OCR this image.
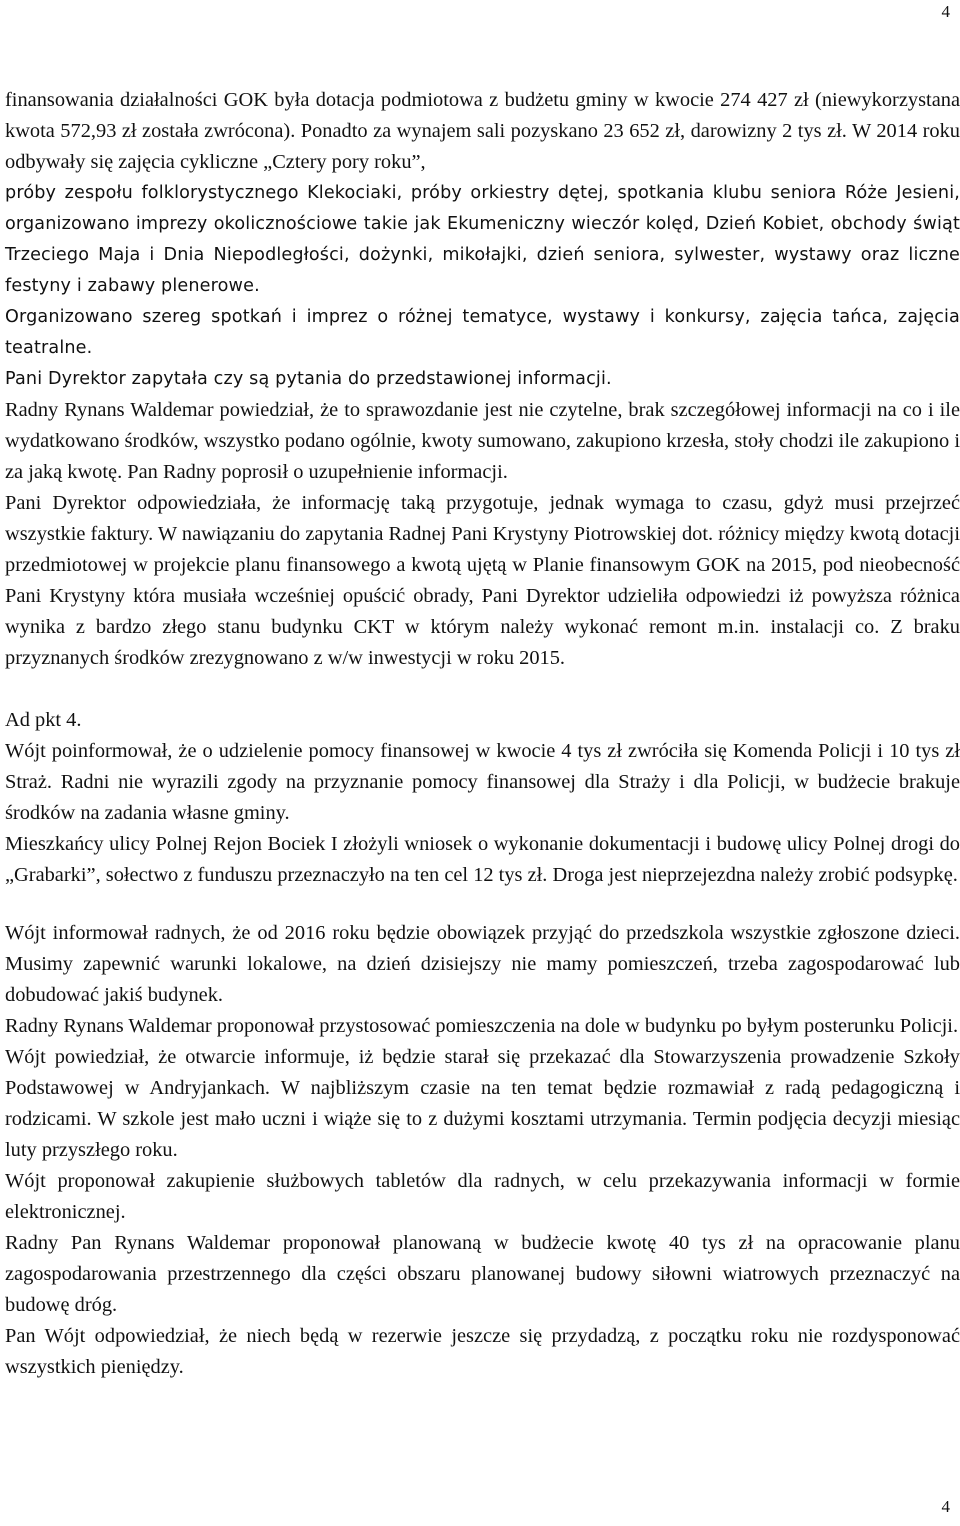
4

finansowania działalności GOK była dotacja podmiotowa z budżetu gminy w kwocie 274 427 zł (niewykorzystana kwota 572,93 zł została zwrócona). Ponadto za wynajem sali pozyskano 23 652 zł, darowizny 2 tys zł. W 2014 roku odbywały się zajęcia cykliczne „Cztery pory roku”,

próby zespołu folklorystycznego Klekociaki, próby orkiestry dętej, spotkania klubu seniora Róże Jesieni, organizowano imprezy okolicznościowe takie jak Ekumeniczny wieczór kolęd, Dzień Kobiet, obchody świąt Trzeciego Maja i Dnia Niepodległości, dożynki, mikołajki, dzień seniora, sylwester, wystawy oraz liczne festyny i zabawy plenerowe.

Organizowano szereg spotkań i imprez o różnej tematyce, wystawy i konkursy, zajęcia tańca, zajęcia teatralne.

Pani Dyrektor zapytała czy są pytania do przedstawionej informacji.

Radny Rynans Waldemar powiedział, że to sprawozdanie jest nie czytelne, brak szczegółowej informacji na co i ile wydatkowano środków, wszystko podano ogólnie, kwoty sumowano, zakupiono krzesła, stoły chodzi ile zakupiono i za jaką kwotę. Pan Radny poprosił o uzupełnienie informacji.

Pani Dyrektor odpowiedziała, że informację taką przygotuje, jednak wymaga to czasu, gdyż musi przejrzeć wszystkie faktury. W nawiązaniu do zapytania Radnej Pani Krystyny Piotrowskiej dot. różnicy między kwotą dotacji przedmiotowej w projekcie planu finansowego a kwotą ujętą w Planie finansowym GOK na 2015, pod nieobecność Pani Krystyny która musiała wcześniej opuścić obrady, Pani Dyrektor udzieliła odpowiedzi iż powyższa różnica wynika z bardzo złego stanu budynku CKT w którym należy wykonać remont m.in. instalacji co. Z braku przyznanych środków zrezygnowano z w/w inwestycji w roku 2015.

Ad pkt 4.

Wójt poinformował, że o udzielenie pomocy finansowej w kwocie 4 tys zł zwróciła się Komenda Policji i 10 tys zł Straż. Radni nie wyrazili zgody na przyznanie pomocy finansowej dla Straży i dla Policji, w budżecie brakuje środków na zadania własne gminy.

Mieszkańcy ulicy Polnej Rejon Bociek I złożyli wniosek o wykonanie dokumentacji i budowę ulicy Polnej drogi do „Grabarki”, sołectwo z funduszu przeznaczyło na ten cel 12 tys zł. Droga jest nieprzejezdna należy zrobić podsypkę.

Wójt informował radnych, że od 2016 roku będzie obowiązek przyjąć do przedszkola wszystkie zgłoszone dzieci. Musimy zapewnić warunki lokalowe, na dzień dzisiejszy nie mamy pomieszczeń, trzeba zagospodarować lub dobudować jakiś budynek.

Radny Rynans Waldemar proponował przystosować pomieszczenia na dole w budynku po byłym posterunku Policji.

Wójt powiedział, że otwarcie informuje, iż będzie starał się przekazać dla Stowarzyszenia prowadzenie Szkoły Podstawowej w Andryjankach. W najbliższym czasie na ten temat będzie rozmawiał z radą pedagogiczną i rodzicami. W szkole jest mało uczni i wiąże się to z dużymi kosztami utrzymania. Termin podjęcia decyzji miesiąc luty przyszłego roku.

Wójt proponował zakupienie służbowych tabletów dla radnych, w celu przekazywania informacji w formie elektronicznej.

Radny Pan Rynans Waldemar proponował planowaną w budżecie kwotę 40 tys zł na opracowanie planu zagospodarowania przestrzennego dla części obszaru planowanej budowy siłowni wiatrowych przeznaczyć na budowę dróg.

Pan Wójt odpowiedział, że niech będą w rezerwie jeszcze się przydadzą, z początku roku nie rozdysponować wszystkich pieniędzy.

4
